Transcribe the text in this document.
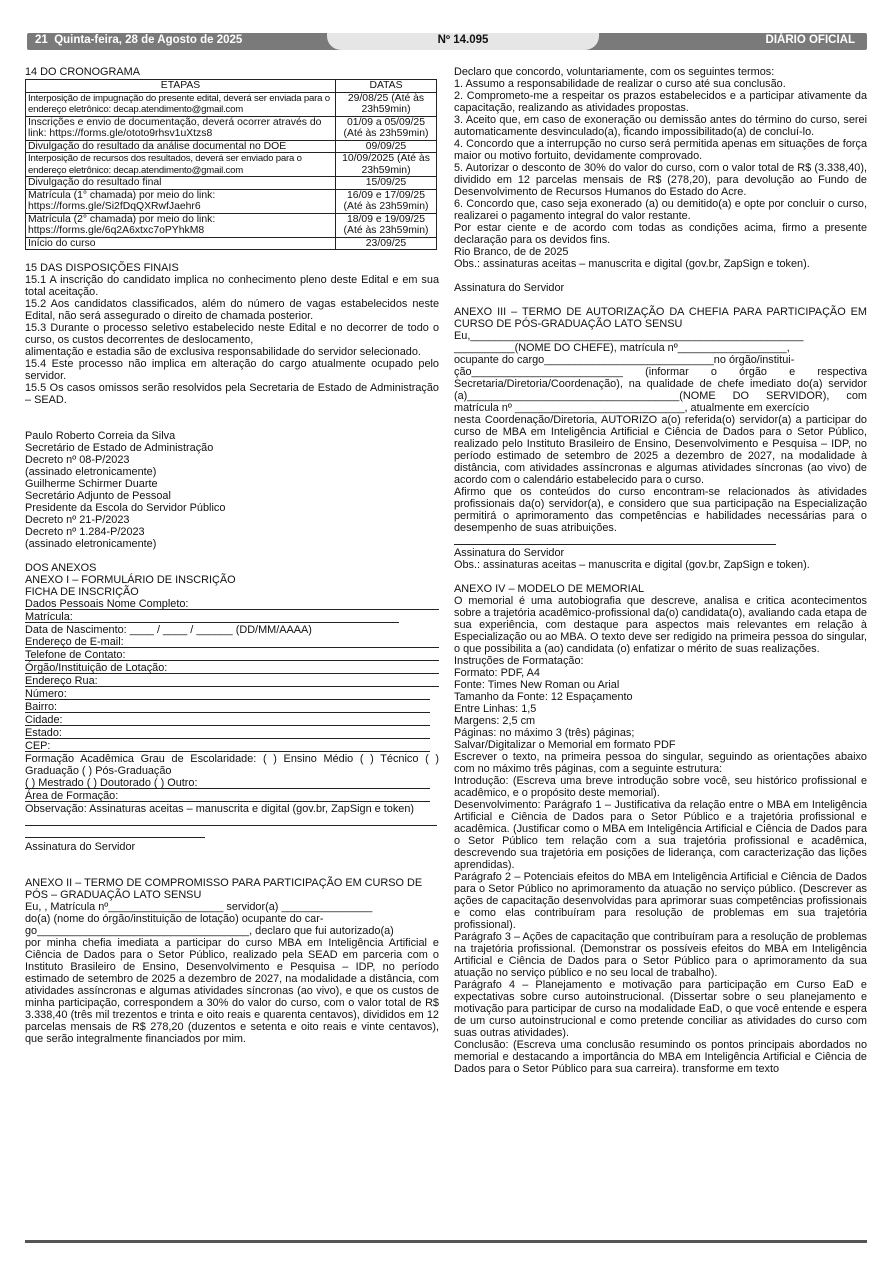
21 Quinta-feira, 28 de Agosto de 2025	Nº 14.095	DIÁRIO OFICIAL

14 DO CRONOGRAMA

ETAPAS	DATAS
Interposição de impugnação do presente edital, deverá ser enviada para o endereço eletrônico: decap.atendimento@gmail.com	29/08/25 (Até às 23h59min)
Inscrições e envio de documentação, deverá ocorrer através do link: https://forms.gle/ototo9rhsv1uXtzs8	01/09 a 05/09/25 (Até às 23h59min)
Divulgação do resultado da análise documental no DOE	09/09/25
Interposição de recursos dos resultados, deverá ser enviado para o endereço eletrônico: decap.atendimento@gmail.com	10/09/2025 (Até às 23h59min)
Divulgação do resultado final	15/09/25
Matrícula (1° chamada) por meio do link: https://forms.gle/Si2fDqQXRwfJaehr6	16/09 e 17/09/25 (Até às 23h59min)
Matrícula (2° chamada) por meio do link: https://forms.gle/6q2A6xtxc7oPYhkM8	18/09 e 19/09/25 (Até às 23h59min)
Início do curso	23/09/25

15 DAS DISPOSIÇÕES FINAIS

15.1 A inscrição do candidato implica no conhecimento pleno deste Edital e em sua total aceitação.

15.2 Aos candidatos classificados, além do número de vagas estabelecidos neste Edital, não será assegurado o direito de chamada posterior.

15.3 Durante o processo seletivo estabelecido neste Edital e no decorrer de todo o curso, os custos decorrentes de deslocamento,

alimentação e estadia são de exclusiva responsabilidade do servidor selecionado.

15.4 Este processo não implica em alteração do cargo atualmente ocupado pelo servidor.

15.5 Os casos omissos serão resolvidos pela Secretaria de Estado de Administração – SEAD.

Paulo Roberto Correia da Silva

Secretário de Estado de Administração

Decreto nº 08-P/2023

(assinado eletronicamente)

Guilherme Schirmer Duarte

Secretário Adjunto de Pessoal

Presidente da Escola do Servidor Público

Decreto nº 21-P/2023

Decreto nº 1.284-P/2023

(assinado eletronicamente)

DOS ANEXOS

ANEXO I – FORMULÁRIO DE INSCRIÇÃO

FICHA DE INSCRIÇÃO

Dados Pessoais Nome Completo:
Matrícula:

Data de Nascimento: ____ / ____ / ______ (DD/MM/AAAA)

Endereço de E-mail:
Telefone de Contato:
Órgão/Instituição de Lotação:
Endereço Rua:
Número:
Bairro:
Cidade:
Estado:
CEP:

Formação Acadêmica Grau de Escolaridade: ( ) Ensino Médio ( ) Técnico ( ) Graduação ( ) Pós-Graduação

( ) Mestrado ( ) Doutorado ( ) Outro:
Área de Formação:

Observação: Assinaturas aceitas – manuscrita e digital (gov.br, ZapSign e token)

Assinatura do Servidor

ANEXO II – TERMO DE COMPROMISSO PARA PARTICIPAÇÃO EM CURSO DE PÓS – GRADUAÇÃO LATO SENSU

Eu, , Matrícula nº___________________ servidor(a) _______________

do(a) (nome do órgão/instituição de lotação) ocupante do car-

go___________________________________, declaro que fui autorizado(a)

por minha chefia imediata a participar do curso MBA em Inteligência Artificial e Ciência de Dados para o Setor Público, realizado pela SEAD em parceria com o Instituto Brasileiro de Ensino, Desenvolvimento e Pesquisa – IDP, no período estimado de setembro de 2025 a dezembro de 2027, na modalidade a distância, com atividades assíncronas e algumas atividades síncronas (ao vivo), e que os custos de minha participação, correspondem a 30% do valor do curso, com o valor total de R$ 3.338,40 (três mil trezentos e trinta e oito reais e quarenta centavos), divididos em 12 parcelas mensais de R$ 278,20 (duzentos e setenta e oito reais e vinte centavos), que serão integralmente financiados por mim.

Declaro que concordo, voluntariamente, com os seguintes termos:

1. Assumo a responsabilidade de realizar o curso até sua conclusão.

2. Comprometo-me a respeitar os prazos estabelecidos e a participar ativamente da capacitação, realizando as atividades propostas.

3. Aceito que, em caso de exoneração ou demissão antes do término do curso, serei automaticamente desvinculado(a), ficando impossibilitado(a) de concluí-lo.

4. Concordo que a interrupção no curso será permitida apenas em situações de força maior ou motivo fortuito, devidamente comprovado.

5. Autorizar o desconto de 30% do valor do curso, com o valor total de R$ (3.338,40), dividido em 12 parcelas mensais de R$ (278,20), para devolução ao Fundo de Desenvolvimento de Recursos Humanos do Estado do Acre.

6. Concordo que, caso seja exonerado (a) ou demitido(a) e opte por concluir o curso, realizarei o pagamento integral do valor restante.

Por estar ciente e de acordo com todas as condições acima, firmo a presente declaração para os devidos fins.

Rio Branco, de de 2025

Obs.: assinaturas aceitas – manuscrita e digital (gov.br, ZapSign e token).

Assinatura do Servidor

ANEXO III – TERMO DE AUTORIZAÇÃO DA CHEFIA PARA PARTICIPAÇÃO EM CURSO DE PÓS-GRADUAÇÃO LATO SENSU

Eu,_______________________________________________________

__________(NOME DO CHEFE), matrícula nº__________________,

ocupante do cargo____________________________no órgão/institui-

ção_________________________ (informar o órgão e respectiva Secretaria/Diretoria/Coordenação), na qualidade de chefe imediato do(a) servidor (a)___________________________________(NOME DO SERVIDOR), com matrícula nº ____________________________, atualmente em exercício

nesta Coordenação/Diretoria, AUTORIZO a(o) referida(o) servidor(a) a participar do curso de MBA em Inteligência Artificial e Ciência de Dados para o Setor Público, realizado pelo Instituto Brasileiro de Ensino, Desenvolvimento e Pesquisa – IDP, no período estimado de setembro de 2025 a dezembro de 2027, na modalidade à distância, com atividades assíncronas e algumas atividades síncronas (ao vivo) de acordo com o calendário estabelecido para o curso.

Afirmo que os conteúdos do curso encontram-se relacionados às atividades profissionais da(o) servidor(a), e considero que sua participação na Especialização permitirá o aprimoramento das competências e habilidades necessárias para o desempenho de suas atribuições.

Assinatura do Servidor

Obs.: assinaturas aceitas – manuscrita e digital (gov.br, ZapSign e token).

ANEXO IV – MODELO DE MEMORIAL

O memorial é uma autobiografia que descreve, analisa e critica acontecimentos sobre a trajetória acadêmico-profissional da(o) candidata(o), avaliando cada etapa de sua experiência, com destaque para aspectos mais relevantes em relação à Especialização ou ao MBA. O texto deve ser redigido na primeira pessoa do singular, o que possibilita a (ao) candidata (o) enfatizar o mérito de suas realizações.

Instruções de Formatação:

Formato: PDF, A4

Fonte: Times New Roman ou Arial

Tamanho da Fonte: 12 Espaçamento

Entre Linhas: 1,5

Margens: 2,5 cm

Páginas: no máximo 3 (três) páginas;

Salvar/Digitalizar o Memorial em formato PDF

Escrever o texto, na primeira pessoa do singular, seguindo as orientações abaixo com no máximo três páginas, com a seguinte estrutura:

Introdução: (Escreva uma breve introdução sobre você, seu histórico profissional e acadêmico, e o propósito deste memorial).

Desenvolvimento: Parágrafo 1 – Justificativa da relação entre o MBA em Inteligência Artificial e Ciência de Dados para o Setor Público e a trajetória profissional e acadêmica. (Justificar como o MBA em Inteligência Artificial e Ciência de Dados para o Setor Público tem relação com a sua trajetória profissional e acadêmica, descrevendo sua trajetória em posições de liderança, com caracterização das lições aprendidas).

Parágrafo 2 – Potenciais efeitos do MBA em Inteligência Artificial e Ciência de Dados para o Setor Público no aprimoramento da atuação no serviço público. (Descrever as ações de capacitação desenvolvidas para aprimorar suas competências profissionais e como elas contribuíram para resolução de problemas em sua trajetória profissional).

Parágrafo 3 – Ações de capacitação que contribuíram para a resolução de problemas na trajetória profissional. (Demonstrar os possíveis efeitos do MBA em Inteligência Artificial e Ciência de Dados para o Setor Público para o aprimoramento da sua atuação no serviço público e no seu local de trabalho).

Parágrafo 4 – Planejamento e motivação para participação em Curso EaD e expectativas sobre curso autoinstrucional. (Dissertar sobre o seu planejamento e motivação para participar de curso na modalidade EaD, o que você entende e espera de um curso autoinstrucional e como pretende conciliar as atividades do curso com suas outras atividades).

Conclusão: (Escreva uma conclusão resumindo os pontos principais abordados no memorial e destacando a importância do MBA em Inteligência Artificial e Ciência de Dados para o Setor Público para sua carreira). transforme em texto
